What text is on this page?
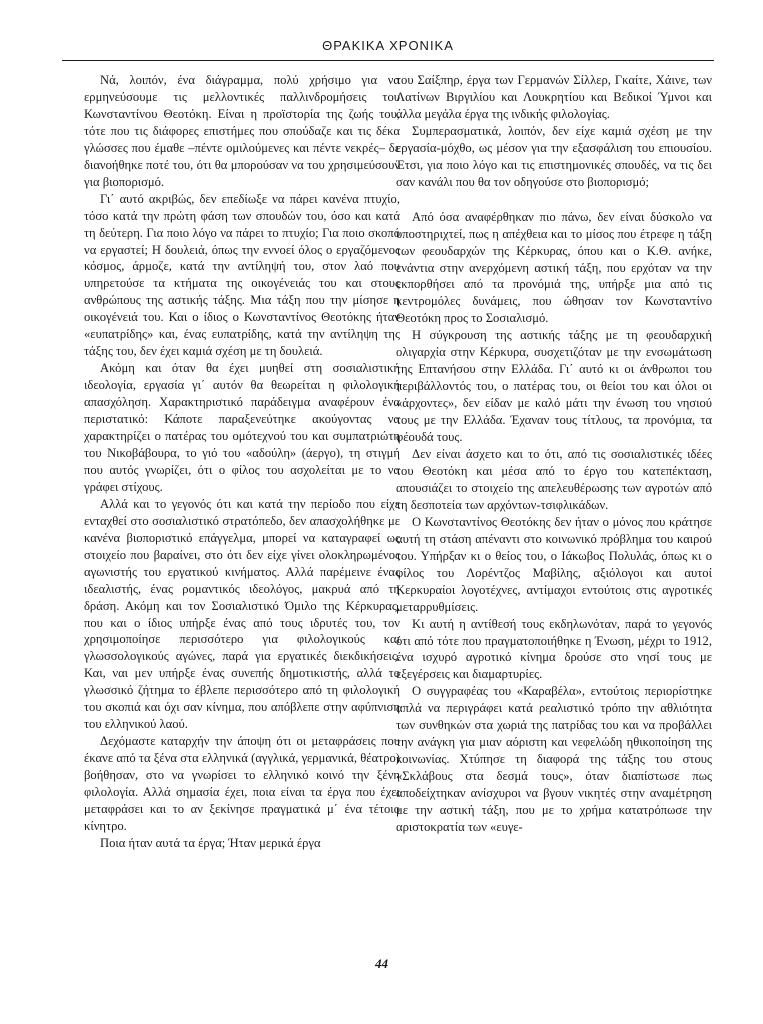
ΘΡΑΚΙΚΑ ΧΡΟΝΙΚΑ

Νά, λοιπόν, ένα διάγραμμα, πολύ χρήσιμο για να ερμηνεύσουμε τις μελλοντικές παλλινδρομήσεις του Κωνσταντίνου Θεοτόκη. Είναι η προϊστορία της ζωής του, τότε που τις διάφορες επιστήμες που σπούδαζε και τις δέκα γλώσσες που έμαθε –πέντε ομιλούμενες και πέντε νεκρές– δε διανοήθηκε ποτέ του, ότι θα μπορούσαν να του χρησιμεύσουν για βιοπορισμό.

Γι΄ αυτό ακριβώς, δεν επεδίωξε να πάρει κανένα πτυχίο, τόσο κατά την πρώτη φάση των σπουδών του, όσο και κατά τη δεύτερη. Για ποιο λόγο να πάρει το πτυχίο; Για ποιο σκοπό να εργαστεί; Η δουλειά, όπως την εννοεί όλος ο εργαζόμενος κόσμος, άρμοζε, κατά την αντίληψή του, στον λαό που υπηρετούσε τα κτήματα της οικογένειάς του και στους ανθρώπους της αστικής τάξης. Μια τάξη που την μίσησε η οικογένειά του. Και ο ίδιος ο Κωνσταντίνος Θεοτόκης ήταν «ευπατρίδης» και, ένας ευπατρίδης, κατά την αντίληψη της τάξης του, δεν έχει καμιά σχέση με τη δουλειά.

Ακόμη και όταν θα έχει μυηθεί στη σοσιαλιστική ιδεολογία, εργασία γι΄ αυτόν θα θεωρείται η φιλολογική απασχόληση. Χαρακτηριστικό παράδειγμα αναφέρουν ένα περιστατικό: Κάποτε παραξενεύτηκε ακούγοντας να χαρακτηρίζει ο πατέρας του ομότεχνού του και συμπατριώτη του Νικοβάβουρα, το γιό του «αδούλη» (άεργο), τη στιγμή που αυτός γνωρίζει, ότι ο φίλος του ασχολείται με το να γράφει στίχους.

Αλλά και το γεγονός ότι και κατά την περίοδο που είχε ενταχθεί στο σοσιαλιστικό στρατόπεδο, δεν απασχολήθηκε με κανένα βιοποριστικό επάγγελμα, μπορεί να καταγραφεί ως στοιχείο που βαραίνει, στο ότι δεν είχε γίνει ολοκληρωμένος αγωνιστής του εργατικού κινήματος. Αλλά παρέμεινε ένας ιδεαλιστής, ένας ρομαντικός ιδεολόγος, μακρυά από τη δράση. Ακόμη και τον Σοσιαλιστικό Όμιλο της Κέρκυρας, που και ο ίδιος υπήρξε ένας από τους ιδρυτές του, τον χρησιμοποίησε περισσότερο για φιλολογικούς και γλωσσολογικούς αγώνες, παρά για εργατικές διεκδικήσεις. Και, ναι μεν υπήρξε ένας συνεπής δημοτικιστής, αλλά το γλωσσικό ζήτημα το έβλεπε περισσότερο από τη φιλολογική του σκοπιά και όχι σαν κίνημα, που απόβλεπε στην αφύπνιση του ελληνικού λαού.

Δεχόμαστε καταρχήν την άποψη ότι οι μεταφράσεις που έκανε από τα ξένα στα ελληνικά (αγγλικά, γερμανικά, θέατρο) βοήθησαν, στο να γνωρίσει το ελληνικό κοινό την ξένη φιλολογία. Αλλά σημασία έχει, ποια είναι τα έργα που έχει μεταφράσει και το αν ξεκίνησε πραγματικά μ΄ ένα τέτοιο κίνητρο.

Ποια ήταν αυτά τα έργα; Ήταν μερικά έργα

του Σαίξπηρ, έργα των Γερμανών Σίλλερ, Γκαίτε, Χάινε, των Λατίνων Βιργιλίου και Λουκρητίου και Βεδικοί Ύμνοι και άλλα μεγάλα έργα της ινδικής φιλολογίας.

Συμπερασματικά, λοιπόν, δεν είχε καμιά σχέση με την εργασία-μόχθο, ως μέσον για την εξασφάλιση του επιουσίου. Έτσι, για ποιο λόγο και τις επιστημονικές σπουδές, να τις δει σαν κανάλι που θα τον οδηγούσε στο βιοπορισμό;

Από όσα αναφέρθηκαν πιο πάνω, δεν είναι δύσκολο να υποστηριχτεί, πως η απέχθεια και το μίσος που έτρεφε η τάξη των φεουδαρχών της Κέρκυρας, όπου και ο Κ.Θ. ανήκε, ενάντια στην ανερχόμενη αστική τάξη, που ερχόταν να την εκπορθήσει από τα προνόμιά της, υπήρξε μια από τις κεντρομόλες δυνάμεις, που ώθησαν τον Κωνσταντίνο Θεοτόκη προς το Σοσιαλισμό.

Η σύγκρουση της αστικής τάξης με τη φεουδαρχική ολιγαρχία στην Κέρκυρα, συσχετιζόταν με την ενσωμάτωση της Επτανήσου στην Ελλάδα. Γι΄ αυτό κι οι άνθρωποι του περιβάλλοντός του, ο πατέρας του, οι θείοι του και όλοι οι «άρχοντες», δεν είδαν με καλό μάτι την ένωση του νησιού τους με την Ελλάδα. Έχαναν τους τίτλους, τα προνόμια, τα φέουδά τους.

Δεν είναι άσχετο και το ότι, από τις σοσιαλιστικές ιδέες του Θεοτόκη και μέσα από το έργο του κατεπέκταση, απουσιάζει το στοιχείο της απελευθέρωσης των αγροτών από τη δεσποτεία των αρχόντων-τσιφλικάδων.

Ο Κωνσταντίνος Θεοτόκης δεν ήταν ο μόνος που κράτησε αυτή τη στάση απέναντι στο κοινωνικό πρόβλημα του καιρού του. Υπήρξαν κι ο θείος του, ο Ιάκωβος Πολυλάς, όπως κι ο φίλος του Λορέντζος Μαβίλης, αξιόλογοι και αυτοί Κερκυραίοι λογοτέχνες, αντίμαχοι εντούτοις στις αγροτικές μεταρρυθμίσεις.

Κι αυτή η αντίθεσή τους εκδηλωνόταν, παρά το γεγονός ότι από τότε που πραγματοποιήθηκε η Ένωση, μέχρι το 1912, ένα ισχυρό αγροτικό κίνημα δρούσε στο νησί τους με εξεγέρσεις και διαμαρτυρίες.

Ο συγγραφέας του «Καραβέλα», εντούτοις περιορίστηκε απλά να περιγράφει κατά ρεαλιστικό τρόπο την αθλιότητα των συνθηκών στα χωριά της πατρίδας του και να προβάλλει την ανάγκη για μιαν αόριστη και νεφελώδη ηθικοποίηση της κοινωνίας. Χτύπησε τη διαφορά της τάξης του στους «Σκλάβους στα δεσμά τους», όταν διαπίστωσε πως αποδείχτηκαν ανίσχυροι να βγουν νικητές στην αναμέτρηση με την αστική τάξη, που με το χρήμα κατατρόπωσε την αριστοκρατία των «ευγε-

44
